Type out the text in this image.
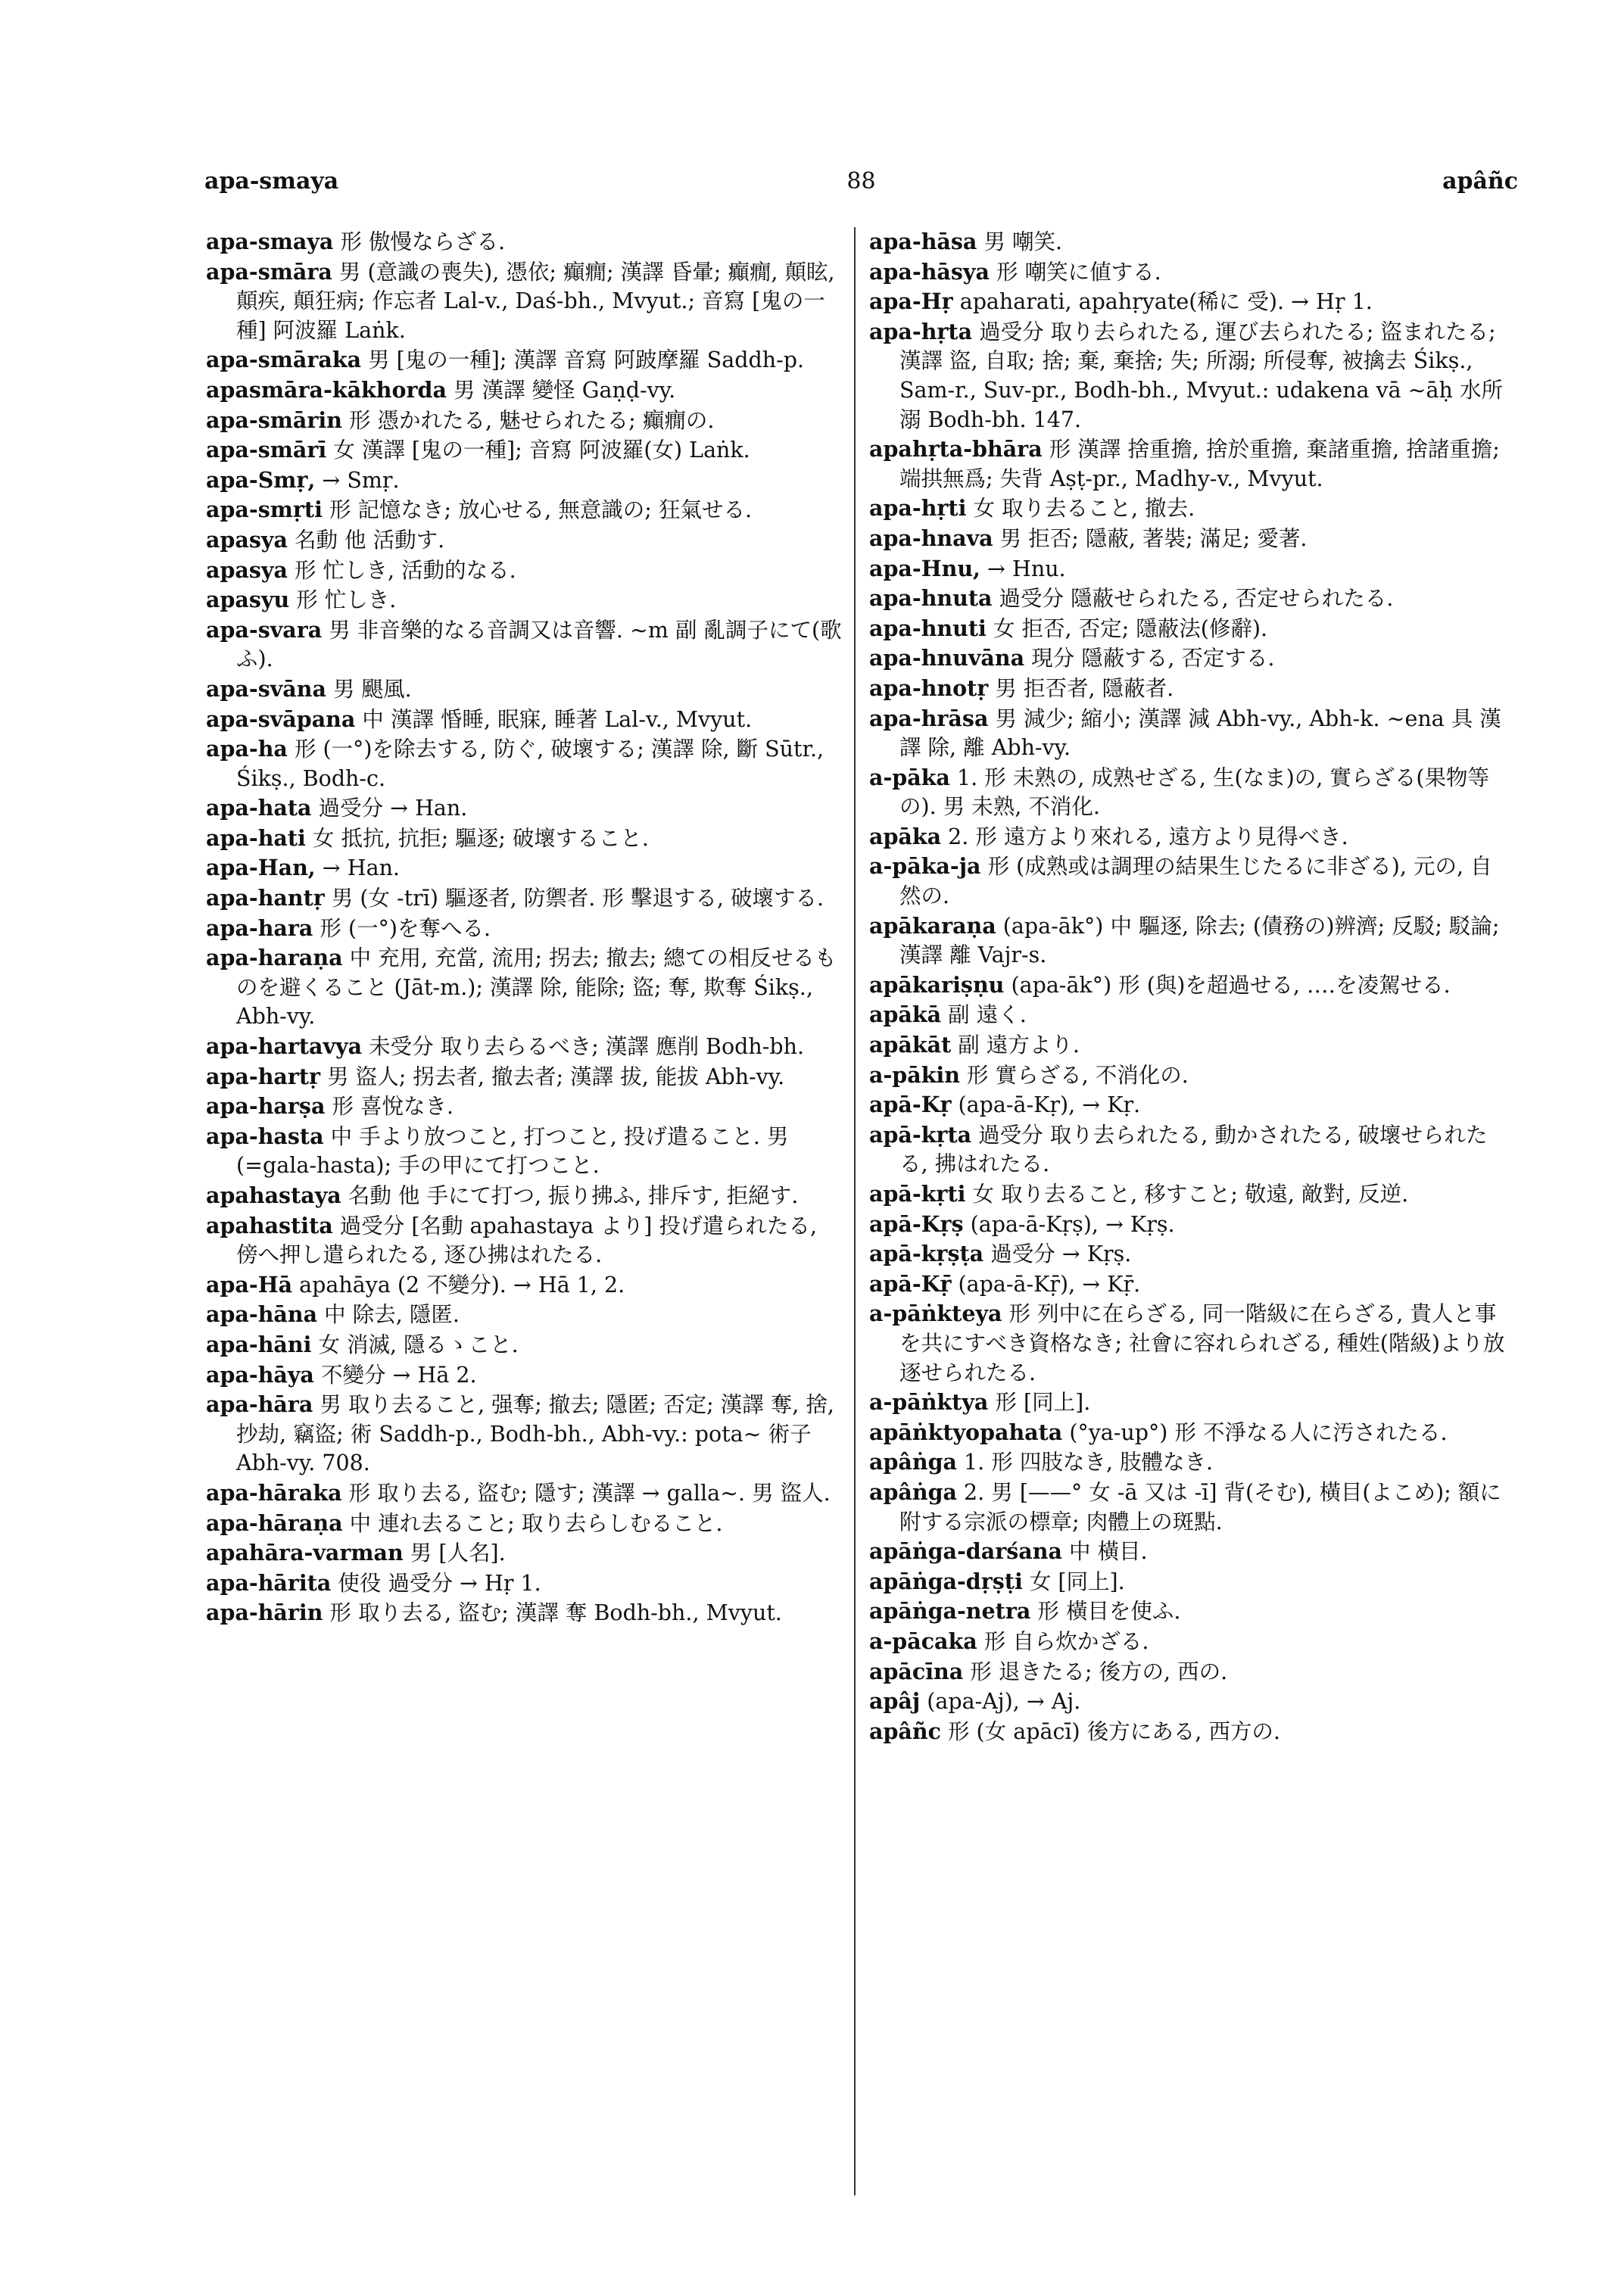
apa-smaya	88	apâñc

apa-smaya 形 傲慢ならざる.

apa-smāra 男 (意識の喪失), 憑依; 癲癇; 漢譯 昏暈; 癲癇, 顛眩, 顛疾, 顛狂病; 作忘者 Lal-v., Daś-bh., Mvyut.; 音寫 [鬼の一種] 阿波羅 Laṅk.

apa-smāraka 男 [鬼の一種]; 漢譯 音寫 阿跛摩羅 Saddh-p.

apasmāra-kākhorda 男 漢譯 變怪 Gaṇḍ-vy.

apa-smārin 形 憑かれたる, 魅せられたる; 癲癇の.

apa-smārī 女 漢譯 [鬼の一種]; 音寫 阿波羅(女) Laṅk.

apa-Smṛ, → Smṛ.

apa-smṛti 形 記憶なき; 放心せる, 無意識の; 狂氣せる.

apasya 名動 他 活動す.

apasya 形 忙しき, 活動的なる.

apasyu 形 忙しき.

apa-svara 男 非音樂的なる音調又は音響. ∼m 副 亂調子にて(歌ふ).

apa-svāna 男 颶風.

apa-svāpana 中 漢譯 惛睡, 眠寐, 睡著 Lal-v., Mvyut.

apa-ha 形 (一°)を除去する, 防ぐ, 破壞する; 漢譯 除, 斷 Sūtr., Śikṣ., Bodh-c.

apa-hata 過受分 → Han.

apa-hati 女 抵抗, 抗拒; 驅逐; 破壞すること.

apa-Han, → Han.

apa-hantṛ 男 (女 -trī) 驅逐者, 防禦者. 形 擊退する, 破壞する.

apa-hara 形 (一°)を奪へる.

apa-haraṇa 中 充用, 充當, 流用; 拐去; 撤去; 總ての相反せるものを避くること (Jāt-m.); 漢譯 除, 能除; 盜; 奪, 欺奪 Śikṣ., Abh-vy.

apa-hartavya 未受分 取り去らるべき; 漢譯 應削 Bodh-bh.

apa-hartṛ 男 盜人; 拐去者, 撤去者; 漢譯 拔, 能拔 Abh-vy.

apa-harṣa 形 喜悅なき.

apa-hasta 中 手より放つこと, 打つこと, 投げ遣ること. 男 (=gala-hasta); 手の甲にて打つこと.

apahastaya 名動 他 手にて打つ, 振り拂ふ, 排斥す, 拒絕す.

apahastita 過受分 [名動 apahastaya より] 投げ遣られたる, 傍へ押し遣られたる, 逐ひ拂はれたる.

apa-Hā apahāya (2 不變分). → Hā 1, 2.

apa-hāna 中 除去, 隱匿.

apa-hāni 女 消滅, 隱るゝこと.

apa-hāya 不變分 → Hā 2.

apa-hāra 男 取り去ること, 强奪; 撤去; 隱匿; 否定; 漢譯 奪, 捨, 抄劫, 竊盜; 術 Saddh-p., Bodh-bh., Abh-vy.: pota∼ 術子 Abh-vy. 708.

apa-hāraka 形 取り去る, 盜む; 隱す; 漢譯 → galla∼. 男 盜人.

apa-hāraṇa 中 連れ去ること; 取り去らしむること.

apahāra-varman 男 [人名].

apa-hārita 使役 過受分 → Hṛ 1.

apa-hārin 形 取り去る, 盜む; 漢譯 奪 Bodh-bh., Mvyut.

apa-hāsa 男 嘲笑.

apa-hāsya 形 嘲笑に値する.

apa-Hṛ apaharati, apahṛyate(稀に 受). → Hṛ 1.

apa-hṛta 過受分 取り去られたる, 運び去られたる; 盜まれたる; 漢譯 盜, 自取; 捨; 棄, 棄捨; 失; 所溺; 所侵奪, 被擒去 Śikṣ., Sam-r., Suv-pr., Bodh-bh., Mvyut.: udakena vā ∼āḥ 水所溺 Bodh-bh. 147.

apahṛta-bhāra 形 漢譯 捨重擔, 捨於重擔, 棄諸重擔, 捨諸重擔; 端拱無爲; 失背 Aṣṭ-pr., Madhy-v., Mvyut.

apa-hṛti 女 取り去ること, 撤去.

apa-hnava 男 拒否; 隱蔽, 著裝; 滿足; 愛著.

apa-Hnu, → Hnu.

apa-hnuta 過受分 隱蔽せられたる, 否定せられたる.

apa-hnuti 女 拒否, 否定; 隱蔽法(修辭).

apa-hnuvāna 現分 隱蔽する, 否定する.

apa-hnotṛ 男 拒否者, 隱蔽者.

apa-hrāsa 男 減少; 縮小; 漢譯 減 Abh-vy., Abh-k. ∼ena 具 漢譯 除, 離 Abh-vy.

a-pāka 1. 形 未熟の, 成熟せざる, 生(なま)の, 實らざる(果物等の). 男 未熟, 不消化.

apāka 2. 形 遠方より來れる, 遠方より見得べき.

a-pāka-ja 形 (成熟或は調理の結果生じたるに非ざる), 元の, 自然の.

apākaraṇa (apa-āk°) 中 驅逐, 除去; (債務の)辨濟; 反駁; 駁論; 漢譯 離 Vajr-s.

apākariṣṇu (apa-āk°) 形 (與)を超過せる, ‥‥を凌駕せる.

apākā 副 遠く.

apākāt 副 遠方より.

a-pākin 形 實らざる, 不消化の.

apā-Kṛ (apa-ā-Kṛ), → Kṛ.

apā-kṛta 過受分 取り去られたる, 動かされたる, 破壞せられたる, 拂はれたる.

apā-kṛti 女 取り去ること, 移すこと; 敬遠, 敵對, 反逆.

apā-Kṛṣ (apa-ā-Kṛṣ), → Kṛṣ.

apā-kṛṣṭa 過受分 → Kṛṣ.

apā-Kṝ (apa-ā-Kṝ), → Kṝ.

a-pāṅkteya 形 列中に在らざる, 同一階級に在らざる, 貴人と事を共にすべき資格なき; 社會に容れられざる, 種姓(階級)より放逐せられたる.

a-pāṅktya 形 [同上].

apāṅktyopahata (°ya-up°) 形 不淨なる人に汚されたる.

apâṅga 1. 形 四肢なき, 肢體なき.

apâṅga 2. 男 [——° 女 -ā 又は -ī] 背(そむ), 橫目(よこめ); 額に附する宗派の標章; 肉體上の斑點.

apāṅga-darśana 中 橫目.

apāṅga-dṛṣṭi 女 [同上].

apāṅga-netra 形 橫目を使ふ.

a-pācaka 形 自ら炊かざる.

apācīna 形 退きたる; 後方の, 西の.

apâj (apa-Aj), → Aj.

apâñc 形 (女 apācī) 後方にある, 西方の.
